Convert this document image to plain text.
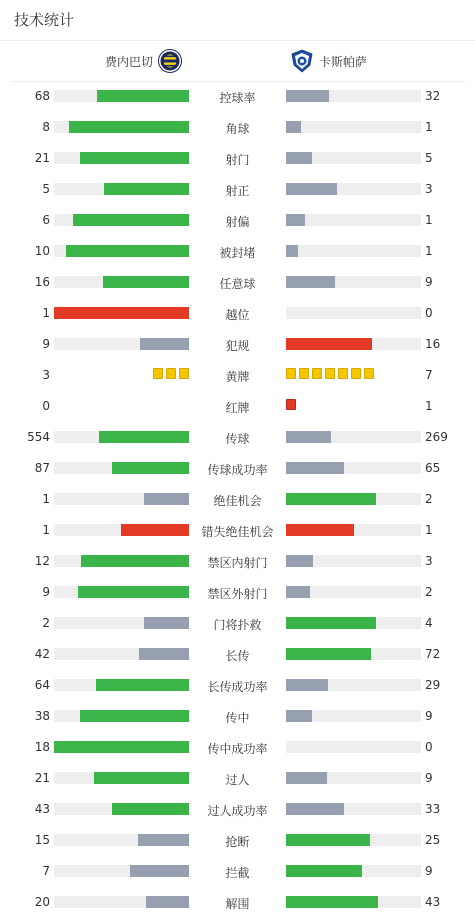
技术统计
费内巴切	卡斯帕萨
68	控球率	32
8	角球	1
21	射门	5
5	射正	3
6	射偏	1
10	被封堵	1
16	任意球	9
1	越位	0
9	犯规	16
3	黄牌	7
0	红牌	1
554	传球	269
87	传球成功率	65
1	绝佳机会	2
1	错失绝佳机会	1
12	禁区内射门	3
9	禁区外射门	2
2	门将扑救	4
42	长传	72
64	长传成功率	29
38	传中	9
18	传中成功率	0
21	过人	9
43	过人成功率	33
15	抢断	25
7	拦截	9
20	解围	43
